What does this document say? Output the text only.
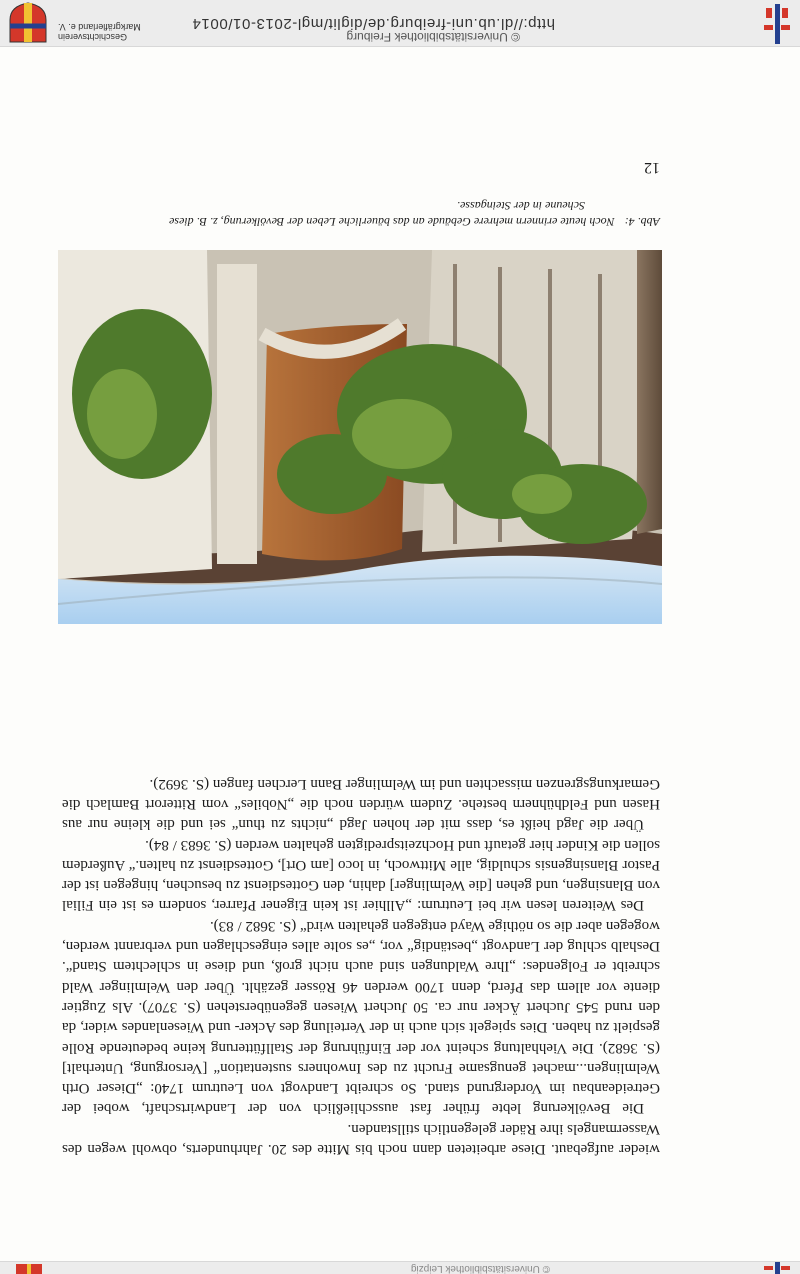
© Universitätsbibliothek Leipzig

wieder aufgebaut. Diese arbeiteten dann noch bis Mitte des 20. Jahrhunderts, obwohl wegen des Wassermangels ihre Räder gelegentlich stillstanden.

Die Bevölkerung lebte früher fast ausschließlich von der Landwirtschaft, wobei der Getreideanbau im Vordergrund stand. So schreibt Landvogt von Leutrum 1740: „Dieser Orth Welmlingen...machet genugsame Frucht zu des Inwohners sustentation“ [Versorgung, Unterhalt] (S. 3682). Die Viehhaltung scheint vor der Einführung der Stallfütterung keine bedeutende Rolle gespielt zu haben. Dies spiegelt sich auch in der Verteilung des Acker- und Wiesenlandes wider, da den rund 545 Juchert Äcker nur ca. 50 Juchert Wiesen gegenüberstehen (S. 3707). Als Zugtier diente vor allem das Pferd, denn 1700 werden 46 Rösser gezählt. Über den Welmlinger Wald schreibt er Folgendes: „Ihre Waldungen sind auch nicht groß, und diese in schlechtem Stand“. Deshalb schlug der Landvogt „beständig“ vor, „es solte alles eingeschlagen und verbrannt werden, wogegen aber die so nöthige Wayd entgegen gehalten wird“ (S. 3682 / 83).

Des Weiteren lesen wir bei Leutrum: „Allhier ist kein Eigener Pfarrer, sondern es ist ein Filial von Blansingen, und gehen [die Welmlinger] dahin, den Gottesdienst zu besuchen, hingegen ist der Pastor Blansingensis schuldig, alle Mittwoch, in loco [am Ort], Gottesdienst zu halten.“ Außerdem sollen die Kinder hier getauft und Hochzeitspredigten gehalten werden (S. 3683 / 84).

Über die Jagd heißt es, dass mit der hohen Jagd „nichts zu thun“ sei und die kleine nur aus Hasen und Feldhühnern bestehe. Zudem würden noch die „Nobiles“ vom Ritterort Bamlach die Gemarkungsgrenzen missachten und im Welmlinger Bann Lerchen fangen (S. 3692).

Abb. 4:Noch heute erinnern mehrere Gebäude an das bäuerliche Leben der Bevölkerung, z. B. diese
Scheune in der Steingasse.
12
© Universitätsbibliothek Freiburg
http://dl.ub.uni-freiburg.de/diglit/mgl-2013-01/0014
Geschichtsverein
Markgräflerland e. V.
